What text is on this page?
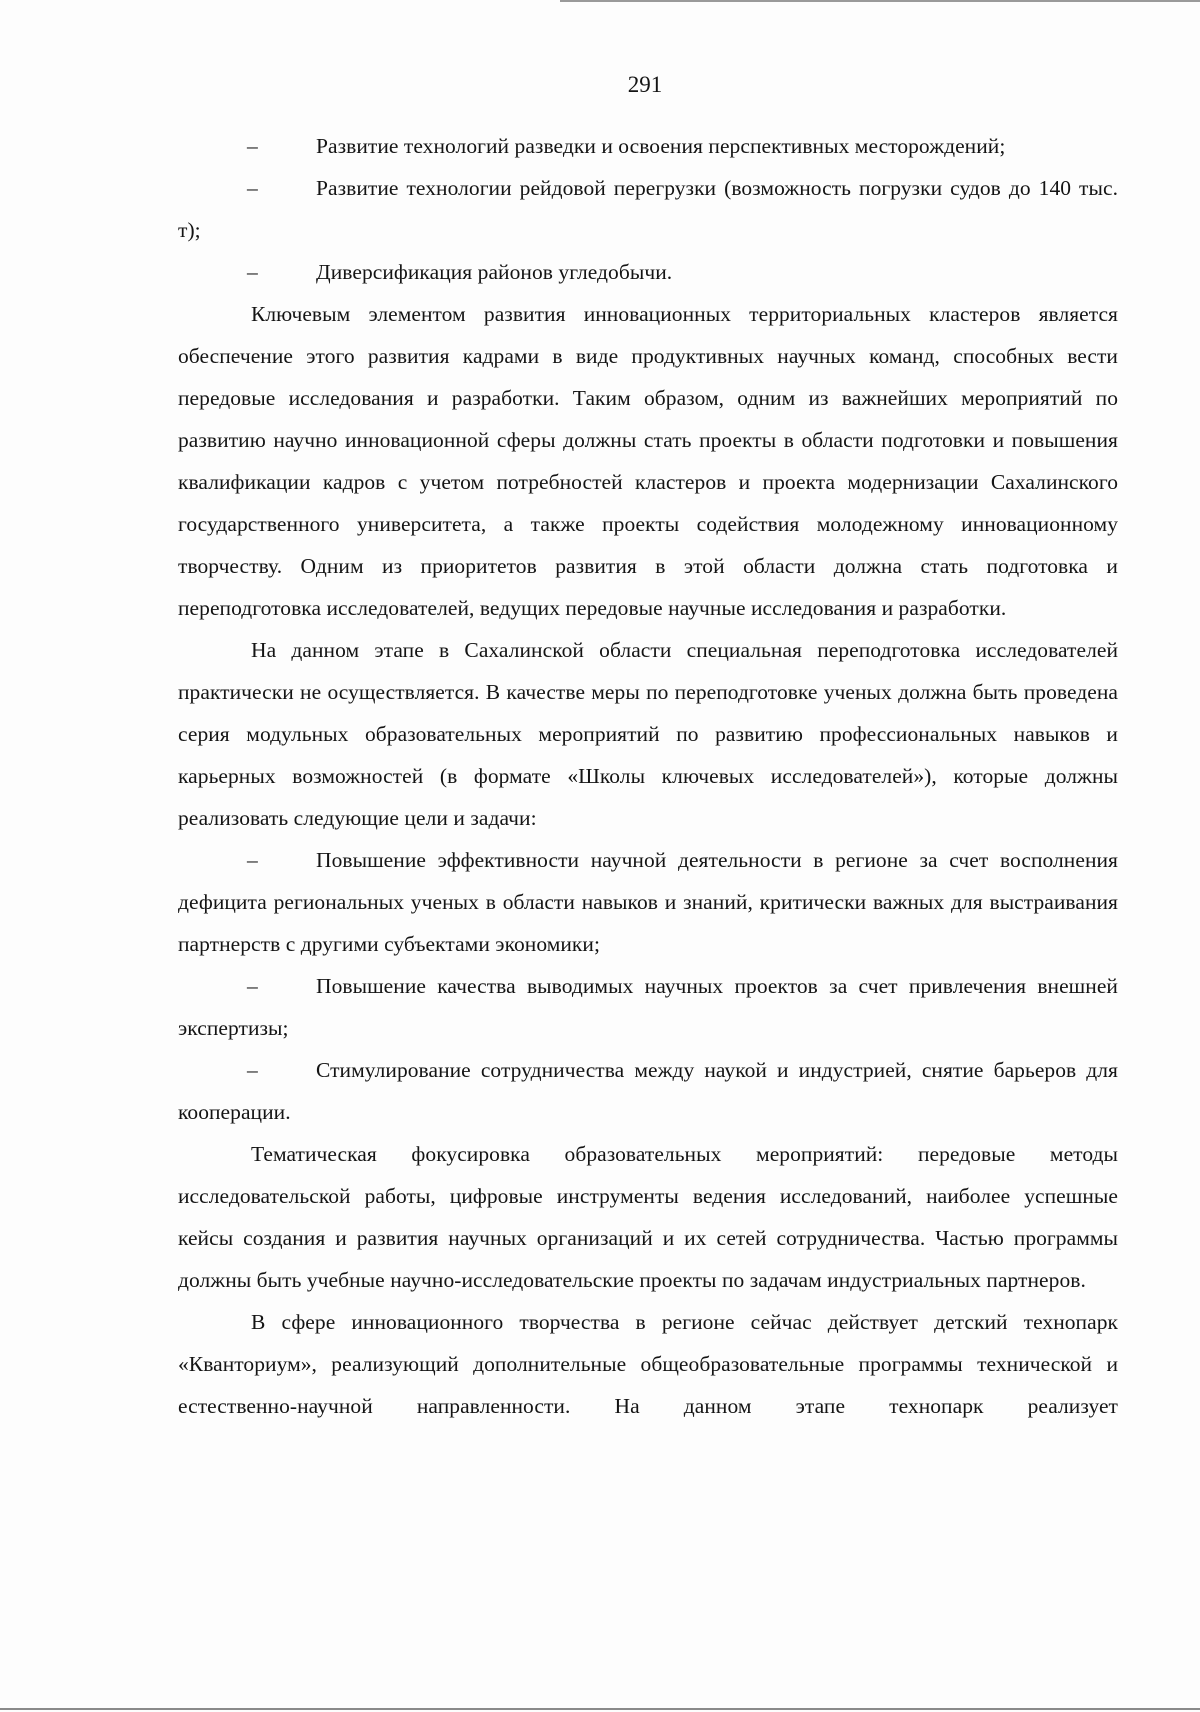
291

– Развитие технологий разведки и освоения перспективных месторождений;

– Развитие технологии рейдовой перегрузки (возможность погрузки судов до 140 тыс. т);

– Диверсификация районов угледобычи.

Ключевым элементом развития инновационных территориальных кластеров является обеспечение этого развития кадрами в виде продуктивных научных команд, способных вести передовые исследования и разработки. Таким образом, одним из важнейших мероприятий по развитию научно инновационной сферы должны стать проекты в области подготовки и повышения квалификации кадров с учетом потребностей кластеров и проекта модернизации Сахалинского государственного университета, а также проекты содействия молодежному инновационному творчеству. Одним из приоритетов развития в этой области должна стать подготовка и переподготовка исследователей, ведущих передовые научные исследования и разработки.

На данном этапе в Сахалинской области специальная переподготовка исследователей практически не осуществляется. В качестве меры по переподготовке ученых должна быть проведена серия модульных образовательных мероприятий по развитию профессиональных навыков и карьерных возможностей (в формате «Школы ключевых исследователей»), которые должны реализовать следующие цели и задачи:

– Повышение эффективности научной деятельности в регионе за счет восполнения дефицита региональных ученых в области навыков и знаний, критически важных для выстраивания партнерств с другими субъектами экономики;

– Повышение качества выводимых научных проектов за счет привлечения внешней экспертизы;

– Стимулирование сотрудничества между наукой и индустрией, снятие барьеров для кооперации.

Тематическая фокусировка образовательных мероприятий: передовые методы исследовательской работы, цифровые инструменты ведения исследований, наиболее успешные кейсы создания и развития научных организаций и их сетей сотрудничества. Частью программы должны быть учебные научно-исследовательские проекты по задачам индустриальных партнеров.

В сфере инновационного творчества в регионе сейчас действует детский технопарк «Кванториум», реализующий дополнительные общеобразовательные программы технической и естественно-научной направленности. На данном этапе технопарк реализует
